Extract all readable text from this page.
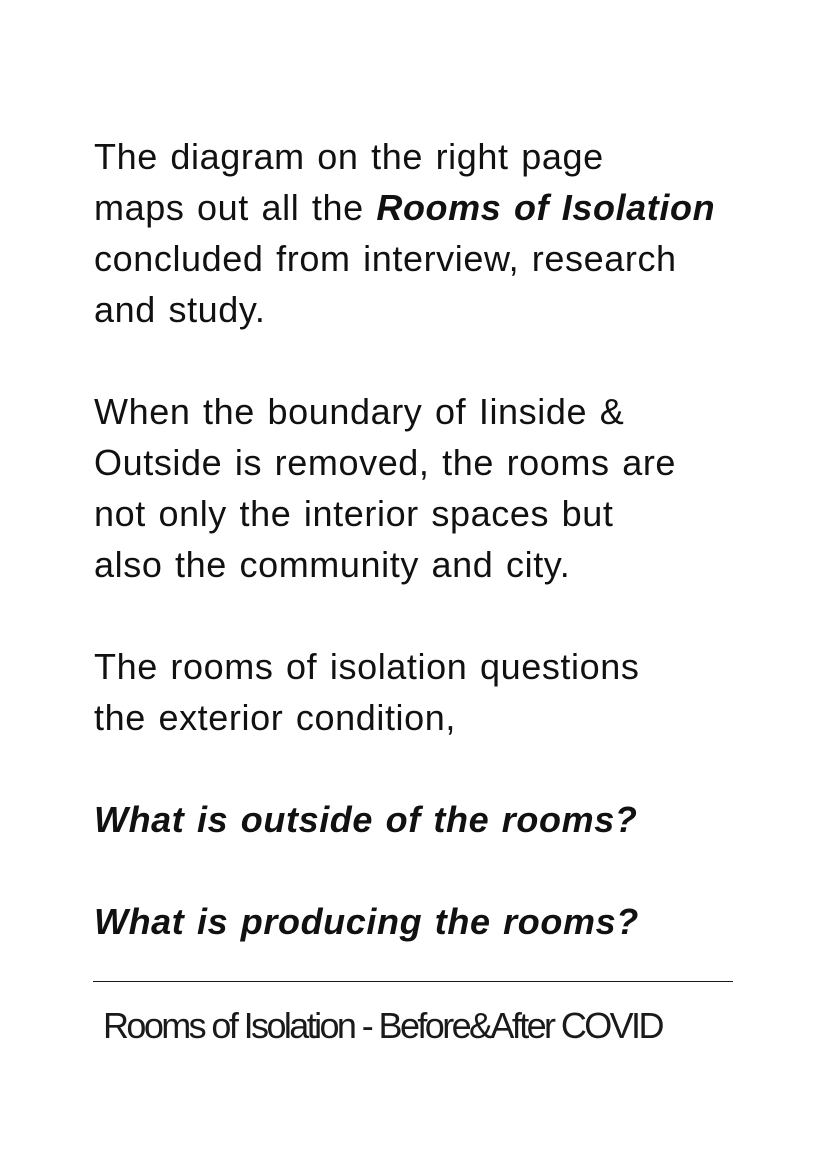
The diagram on the right page
maps out all the Rooms of Isolation
concluded from interview, research
and study.
When the boundary of Iinside &
Outside is removed, the rooms are
not only the interior spaces but
also the community and city.
The rooms of isolation questions
the exterior condition,
What is outside of the rooms?
What is producing the rooms?
Rooms of Isolation - Before&After COVID
